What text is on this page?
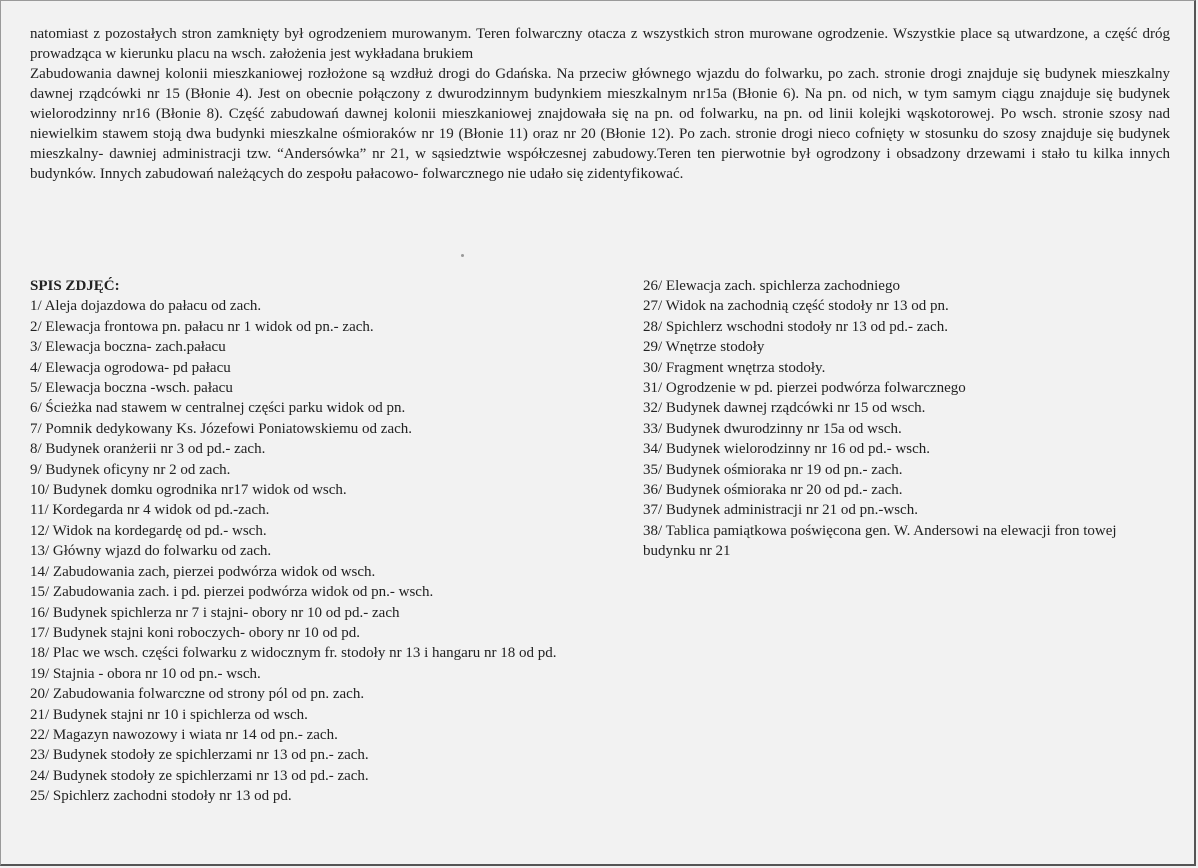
natomiast z pozostałych stron zamknięty był ogrodzeniem murowanym. Teren folwarczny otacza z wszystkich stron murowane ogrodzenie. Wszystkie place są utwardzone, a część dróg prowadząca w kierunku placu na wsch. założenia jest wykładana brukiem

Zabudowania dawnej kolonii mieszkaniowej rozłożone są wzdłuż drogi do Gdańska. Na przeciw głównego wjazdu do folwarku, po zach. stronie drogi znajduje się budynek mieszkalny dawnej rządcówki nr 15 (Błonie 4). Jest on obecnie połączony z dwurodzinnym budynkiem mieszkalnym nr15a (Błonie 6). Na pn. od nich, w tym samym ciągu znajduje się budynek wielorodzinny nr16 (Błonie 8). Część zabudowań dawnej kolonii mieszkaniowej znajdowała się na pn. od folwarku, na pn. od linii kolejki wąskotorowej. Po wsch. stronie szosy nad niewielkim stawem stoją dwa budynki mieszkalne ośmioraków nr 19 (Błonie 11) oraz nr 20 (Błonie 12). Po zach. stronie drogi nieco cofnięty w stosunku do szosy znajduje się budynek mieszkalny- dawniej administracji tzw. “Andersówka” nr 21, w sąsiedztwie współczesnej zabudowy.Teren ten pierwotnie był ogrodzony i obsadzony drzewami i stało tu kilka innych budynków. Innych zabudowań należących do zespołu pałacowo- folwarcznego nie udało się zidentyfikować.

SPIS ZDJĘĆ:
1/ Aleja dojazdowa do pałacu od zach.
2/ Elewacja frontowa pn. pałacu nr 1 widok od pn.- zach.
3/ Elewacja boczna- zach.pałacu
4/ Elewacja ogrodowa- pd pałacu
5/ Elewacja boczna -wsch. pałacu
6/ Ścieżka nad stawem w centralnej części parku widok od pn.
7/ Pomnik dedykowany Ks. Józefowi Poniatowskiemu od zach.
8/ Budynek oranżerii nr 3 od pd.- zach.
9/ Budynek oficyny nr 2 od zach.
10/ Budynek domku ogrodnika nr17 widok od wsch.
11/ Kordegarda nr 4 widok od pd.-zach.
12/ Widok na kordegardę od pd.- wsch.
13/ Główny wjazd do folwarku od zach.
14/ Zabudowania zach, pierzei podwórza widok od wsch.
15/ Zabudowania zach. i pd. pierzei podwórza widok od pn.- wsch.
16/ Budynek spichlerza nr 7 i stajni- obory nr 10 od pd.- zach
17/ Budynek stajni koni roboczych- obory nr 10 od pd.
18/ Plac we wsch. części folwarku z widocznym fr. stodoły nr 13 i hangaru nr 18 od pd.
19/ Stajnia - obora nr 10 od pn.- wsch.
20/ Zabudowania folwarczne od strony pól od pn. zach.
21/ Budynek stajni nr 10 i spichlerza od wsch.
22/ Magazyn nawozowy i wiata nr 14 od pn.- zach.
23/ Budynek stodoły ze spichlerzami nr 13 od pn.- zach.
24/ Budynek stodoły ze spichlerzami nr 13 od pd.- zach.
25/ Spichlerz zachodni stodoły nr 13 od pd.
26/ Elewacja zach. spichlerza zachodniego
27/ Widok na zachodnią część stodoły nr 13 od pn.
28/ Spichlerz wschodni stodoły nr 13 od pd.- zach.
29/ Wnętrze stodoły
30/ Fragment wnętrza stodoły.
31/ Ogrodzenie w pd. pierzei podwórza folwarcznego
32/ Budynek dawnej rządcówki nr 15 od wsch.
33/ Budynek dwurodzinny nr 15a od wsch.
34/ Budynek wielorodzinny nr 16 od pd.- wsch.
35/ Budynek ośmioraka nr 19 od pn.- zach.
36/ Budynek ośmioraka nr 20 od pd.- zach.
37/ Budynek administracji nr 21 od pn.-wsch.
38/ Tablica pamiątkowa poświęcona gen. W. Andersowi na elewacji fron towej budynku nr 21
